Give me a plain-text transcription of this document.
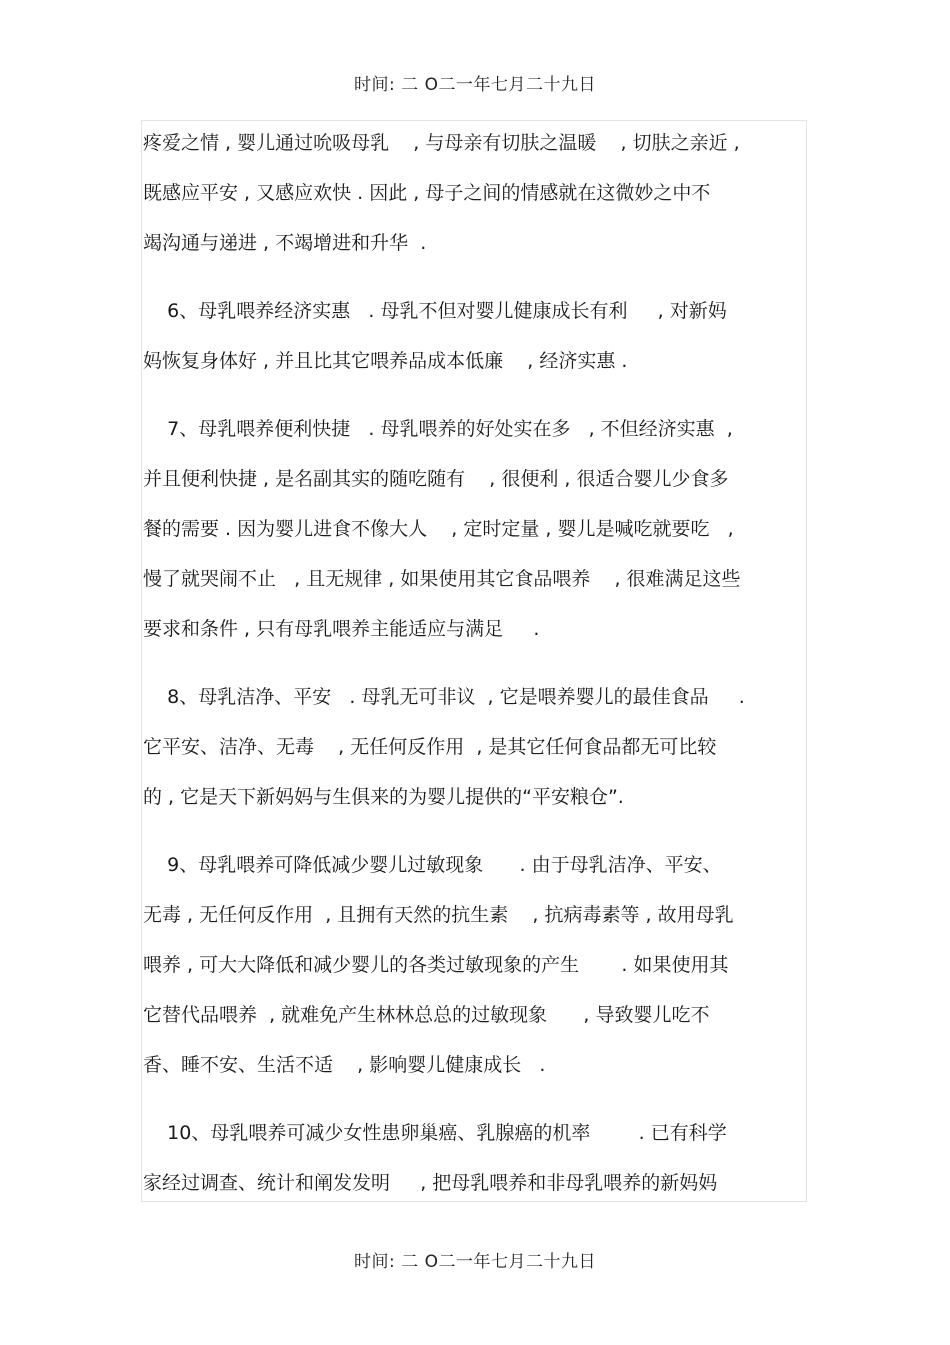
时间: 二 O二一年七月二十九日
疼爱之情 , 婴儿通过吮吸母乳    , 与母亲有切肤之温暖    , 切肤之亲近 ,
既感应平安 , 又感应欢快 . 因此 , 母子之间的情感就在这微妙之中不
竭沟通与递进 , 不竭增进和升华  .
6、母乳喂养经济实惠   . 母乳不但对婴儿健康成长有利     , 对新妈
妈恢复身体好 , 并且比其它喂养品成本低廉    , 经济实惠 .
7、母乳喂养便利快捷   . 母乳喂养的好处实在多   , 不但经济实惠  ,
并且便利快捷 , 是名副其实的随吃随有    , 很便利 , 很适合婴儿少食多
餐的需要 . 因为婴儿进食不像大人    , 定时定量 , 婴儿是喊吃就要吃   ,
慢了就哭闹不止   , 且无规律 , 如果使用其它食品喂养    , 很难满足这些
要求和条件 , 只有母乳喂养主能适应与满足     .
8、母乳洁净、平安   . 母乳无可非议  , 它是喂养婴儿的最佳食品     .
它平安、洁净、无毒    , 无任何反作用  , 是其它任何食品都无可比较
的 , 它是天下新妈妈与生俱来的为婴儿提供的“平安粮仓”.
9、母乳喂养可降低减少婴儿过敏现象      . 由于母乳洁净、平安、
无毒 , 无任何反作用  , 且拥有天然的抗生素    , 抗病毒素等 , 故用母乳
喂养 , 可大大降低和减少婴儿的各类过敏现象的产生       . 如果使用其
它替代品喂养  , 就难免产生林林总总的过敏现象      , 导致婴儿吃不
香、睡不安、生活不适    , 影响婴儿健康成长   .
10、母乳喂养可减少女性患卵巢癌、乳腺癌的机率        . 已有科学
家经过调查、统计和阐发发明     , 把母乳喂养和非母乳喂养的新妈妈
时间: 二 O二一年七月二十九日
